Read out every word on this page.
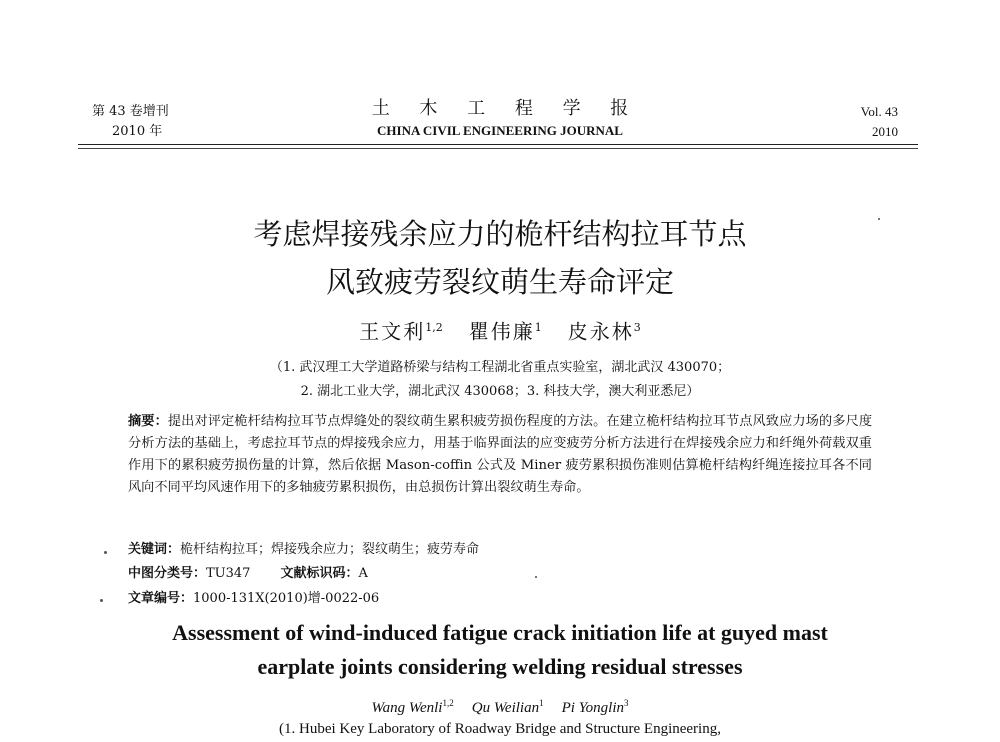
第 43 卷增刊
2010 年
土 木 工 程 学 报
CHINA CIVIL ENGINEERING JOURNAL
Vol. 43
2010
考虑焊接残余应力的桅杆结构拉耳节点
风致疲劳裂纹萌生寿命评定
王文利$^{1,2}$ 瞿伟廉$^1$ 皮永林$^3$
（1. 武汉理工大学道路桥梁与结构工程湖北省重点实验室，湖北武汉 430070；
2. 湖北工业大学，湖北武汉 430068；3. 科技大学，澳大利亚悉尼）
摘要：提出对评定桅杆结构拉耳节点焊缝处的裂纹萌生累积疲劳损伤程度的方法。在建立桅杆结构拉耳节点风致应力场的多尺度分析方法的基础上，考虑拉耳节点的焊接残余应力，用基于临界面法的应变疲劳分析方法进行在焊接残余应力和纤绳外荷载双重作用下的累积疲劳损伤量的计算，然后依据 Mason-coffin 公式及 Miner 疲劳累积损伤准则估算桅杆结构纤绳连接拉耳各不同风向不同平均风速作用下的多轴疲劳累积损伤，由总损伤计算出裂纹萌生寿命。
关键词：桅杆结构拉耳；焊接残余应力；裂纹萌生；疲劳寿命
中图分类号：TU347 文献标识码：A
文章编号：1000-131X(2010)增-0022-06
Assessment of wind-induced fatigue crack initiation life at guyed mast
earplate joints considering welding residual stresses
Wang Wenli$^{1,2}$ Qu Weilian$^1$ Pi Yonglin$^3$
(1. Hubei Key Laboratory of Roadway Bridge and Structure Engineering,
